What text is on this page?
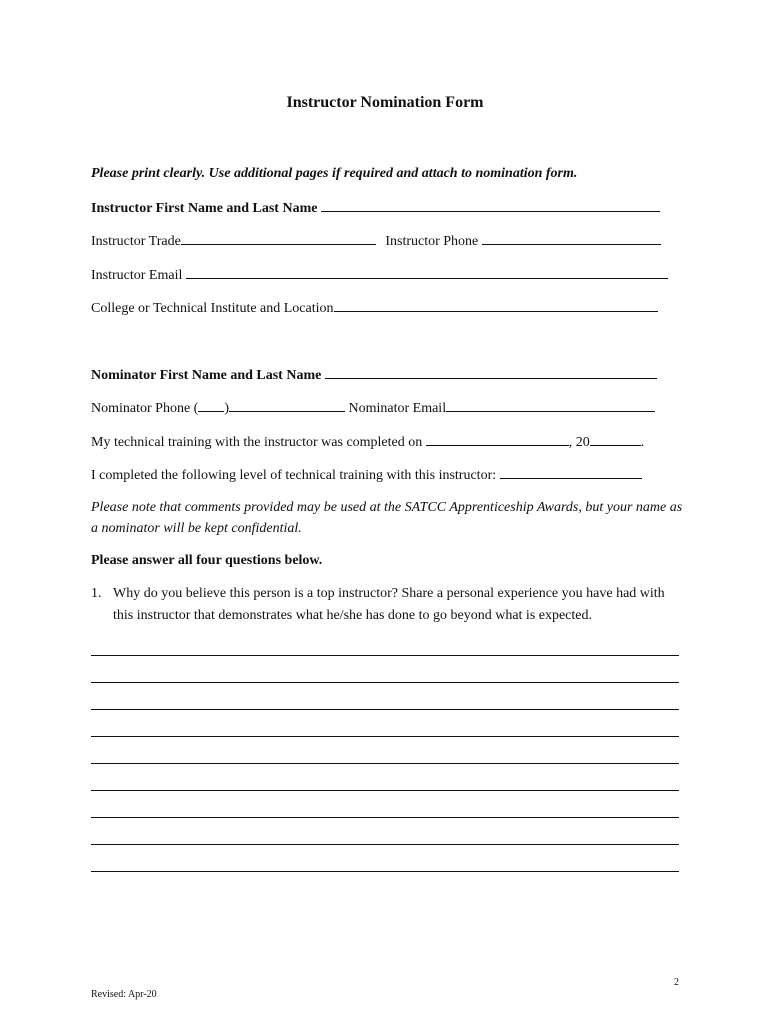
Instructor Nomination Form
Please print clearly. Use additional pages if required and attach to nomination form.
Instructor First Name and Last Name
Instructor Trade	Instructor Phone
Instructor Email
College or Technical Institute and Location
Nominator First Name and Last Name
Nominator Phone ( )	Nominator Email
My technical training with the instructor was completed on	, 20	.
I completed the following level of technical training with this instructor:
Please note that comments provided may be used at the SATCC Apprenticeship Awards, but your name as a nominator will be kept confidential.
Please answer all four questions below.
1. Why do you believe this person is a top instructor? Share a personal experience you have had with this instructor that demonstrates what he/she has done to go beyond what is expected.
2
Revised: Apr-20
